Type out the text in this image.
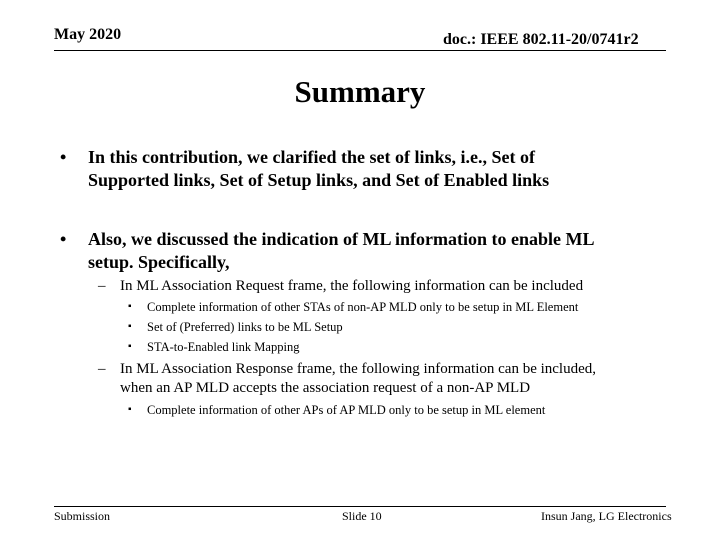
May 2020	doc.: IEEE 802.11-20/0741r2
Summary
• In this contribution, we clarified the set of links, i.e., Set of
Supported links, Set of Setup links, and Set of Enabled links
• Also, we discussed the indication of ML information to enable ML
setup. Specifically,
– In ML Association Request frame, the following information can be included
▪ Complete information of other STAs of non-AP MLD only to be setup in ML Element
▪ Set of (Preferred) links to be ML Setup
▪ STA-to-Enabled link Mapping
– In ML Association Response frame, the following information can be included,
when an AP MLD accepts the association request of a non-AP MLD
▪ Complete information of other APs of AP MLD only to be setup in ML element
Submission	Slide 10	Insun Jang, LG Electronics
